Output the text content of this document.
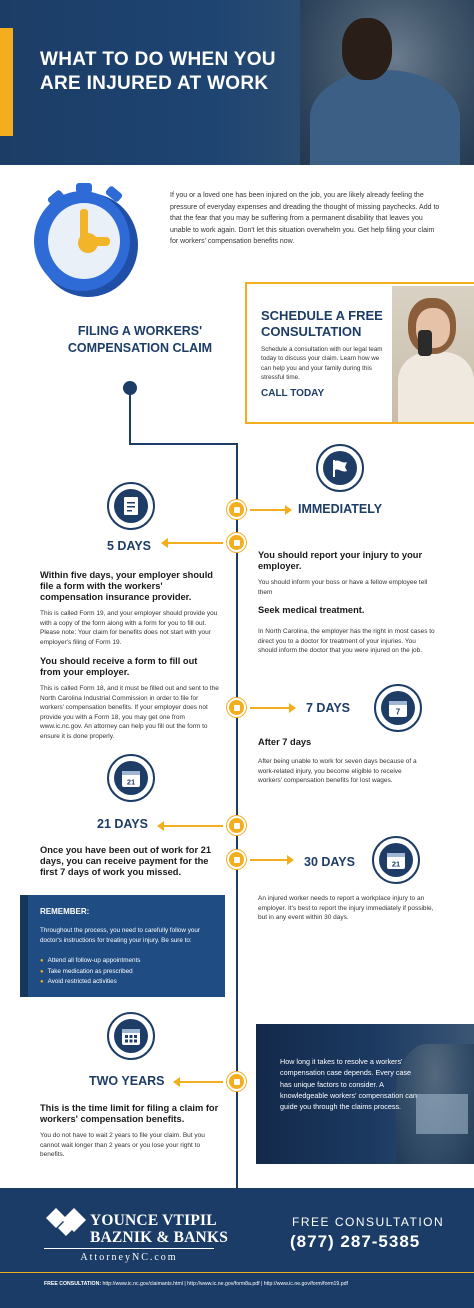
WHAT TO DO WHEN YOU ARE INJURED AT WORK
If you or a loved one has been injured on the job, you are likely already feeling the pressure of everyday expenses and dreading the thought of missing paychecks. Add to that the fear that you may be suffering from a permanent disability that leaves you unable to work again. Don't let this situation overwhelm you. Get help filing your claim for workers' compensation benefits now.
SCHEDULE A FREE CONSULTATION
Schedule a consultation with our legal team today to discuss your claim. Learn how we can help you and your family during this stressful time.
CALL TODAY
FILING A WORKERS' COMPENSATION CLAIM
IMMEDIATELY
You should report your injury to your employer.
You should inform your boss or have a fellow employee tell them
Seek medical treatment.
In North Carolina, the employer has the right in most cases to direct you to a doctor for treatment of your injuries. You should inform the doctor that you were injured on the job.
5 DAYS
Within five days, your employer should file a form with the workers' compensation insurance provider.
This is called Form 19, and your employer should provide you with a copy of the form along with a form for you to fill out. Please note: Your claim for benefits does not start with your employer's filing of Form 19.
You should receive a form to fill out from your employer.
This is called Form 18, and it must be filled out and sent to the North Carolina Industrial Commission in order to file for workers' compensation benefits. If your employer does not provide you with a Form 18, you may get one from www.ic.nc.gov. An attorney can help you fill out the form to ensure it is done properly.
7 DAYS	7
After 7 days
After being unable to work for seven days because of a work-related injury, you become eligible to receive workers' compensation benefits for lost wages.
21
21 DAYS
Once you have been out of work for 21 days, you can receive payment for the first 7 days of work you missed.
30 DAYS	21
An injured worker needs to report a workplace injury to an employer. It's best to report the injury immediately if possible, but in any event within 30 days.
REMEMBER:
Throughout the process, you need to carefully follow your doctor's instructions for treating your injury. Be sure to:
● Attend all follow-up appointments
● Take medication as prescribed
● Avoid restricted activities
TWO YEARS
This is the time limit for filing a claim for workers' compensation benefits.
You do not have to wait 2 years to file your claim. But you cannot wait longer than 2 years or you lose your right to benefits.
How long it takes to resolve a workers' compensation case depends. Every case has unique factors to consider. A knowledgeable workers' compensation can guide you through the claims process.
YOUNCE VTIPIL
BAZNIK & BANKS
AttorneyNC.com
FREE CONSULTATION
(877) 287-5385
FREE CONSULTATION: http://www.ic.nc.gov/claimants.html | http://www.ic.ne.gov/form8a.pdf | http://www.ic.ne.gov/form/form19.pdf
